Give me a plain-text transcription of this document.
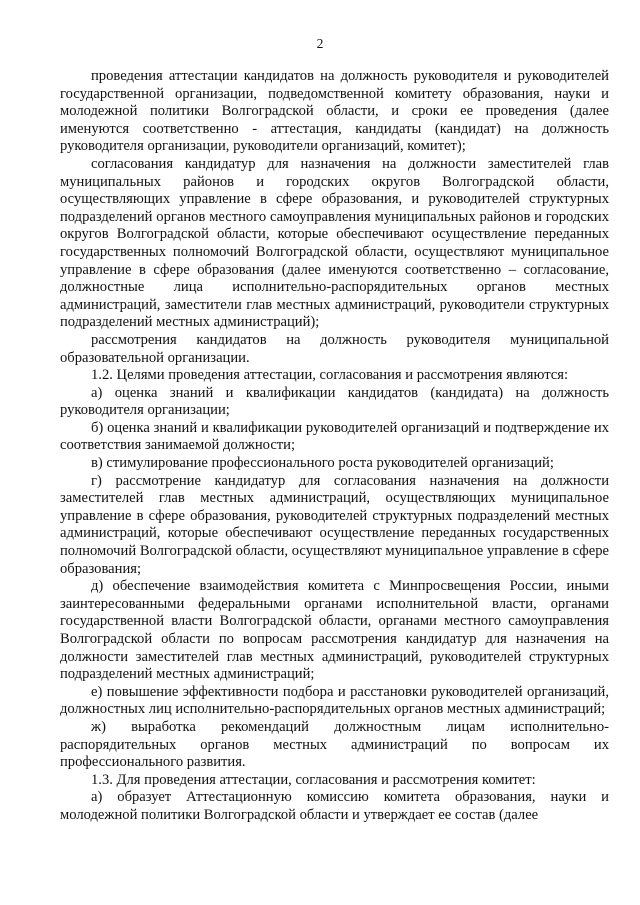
2

проведения аттестации кандидатов на должность руководителя и руководителей государственной организации, подведомственной комитету образования, науки и молодежной политики Волгоградской области, и сроки ее проведения (далее именуются соответственно - аттестация, кандидаты (кандидат) на должность руководителя организации, руководители организаций, комитет);

согласования кандидатур для назначения на должности заместителей глав муниципальных районов и городских округов Волгоградской области, осуществляющих управление в сфере образования, и руководителей структурных подразделений органов местного самоуправления муниципальных районов и городских округов Волгоградской области, которые обеспечивают осуществление переданных государственных полномочий Волгоградской области, осуществляют муниципальное управление в сфере образования (далее именуются соответственно – согласование, должностные лица исполнительно-распорядительных органов местных администраций, заместители глав местных администраций, руководители структурных подразделений местных администраций);

рассмотрения кандидатов на должность руководителя муниципальной образовательной организации.

1.2. Целями проведения аттестации, согласования и рассмотрения являются:

а) оценка знаний и квалификации кандидатов (кандидата) на должность руководителя организации;

б) оценка знаний и квалификации руководителей организаций и подтверждение их соответствия занимаемой должности;

в) стимулирование профессионального роста руководителей организаций;

г) рассмотрение кандидатур для согласования назначения на должности заместителей глав местных администраций, осуществляющих муниципальное управление в сфере образования, руководителей структурных подразделений местных администраций, которые обеспечивают осуществление переданных государственных полномочий Волгоградской области, осуществляют муниципальное управление в сфере образования;

д) обеспечение взаимодействия комитета с Минпросвещения России, иными заинтересованными федеральными органами исполнительной власти, органами государственной власти Волгоградской области, органами местного самоуправления Волгоградской области по вопросам рассмотрения кандидатур для назначения на должности заместителей глав местных администраций, руководителей структурных подразделений местных администраций;

е) повышение эффективности подбора и расстановки руководителей организаций, должностных лиц исполнительно-распорядительных органов местных администраций;

ж) выработка рекомендаций должностным лицам исполнительно-распорядительных органов местных администраций по вопросам их профессионального развития.

1.3. Для проведения аттестации, согласования и рассмотрения комитет:

а) образует Аттестационную комиссию комитета образования, науки и молодежной политики Волгоградской области и утверждает ее состав (далее
